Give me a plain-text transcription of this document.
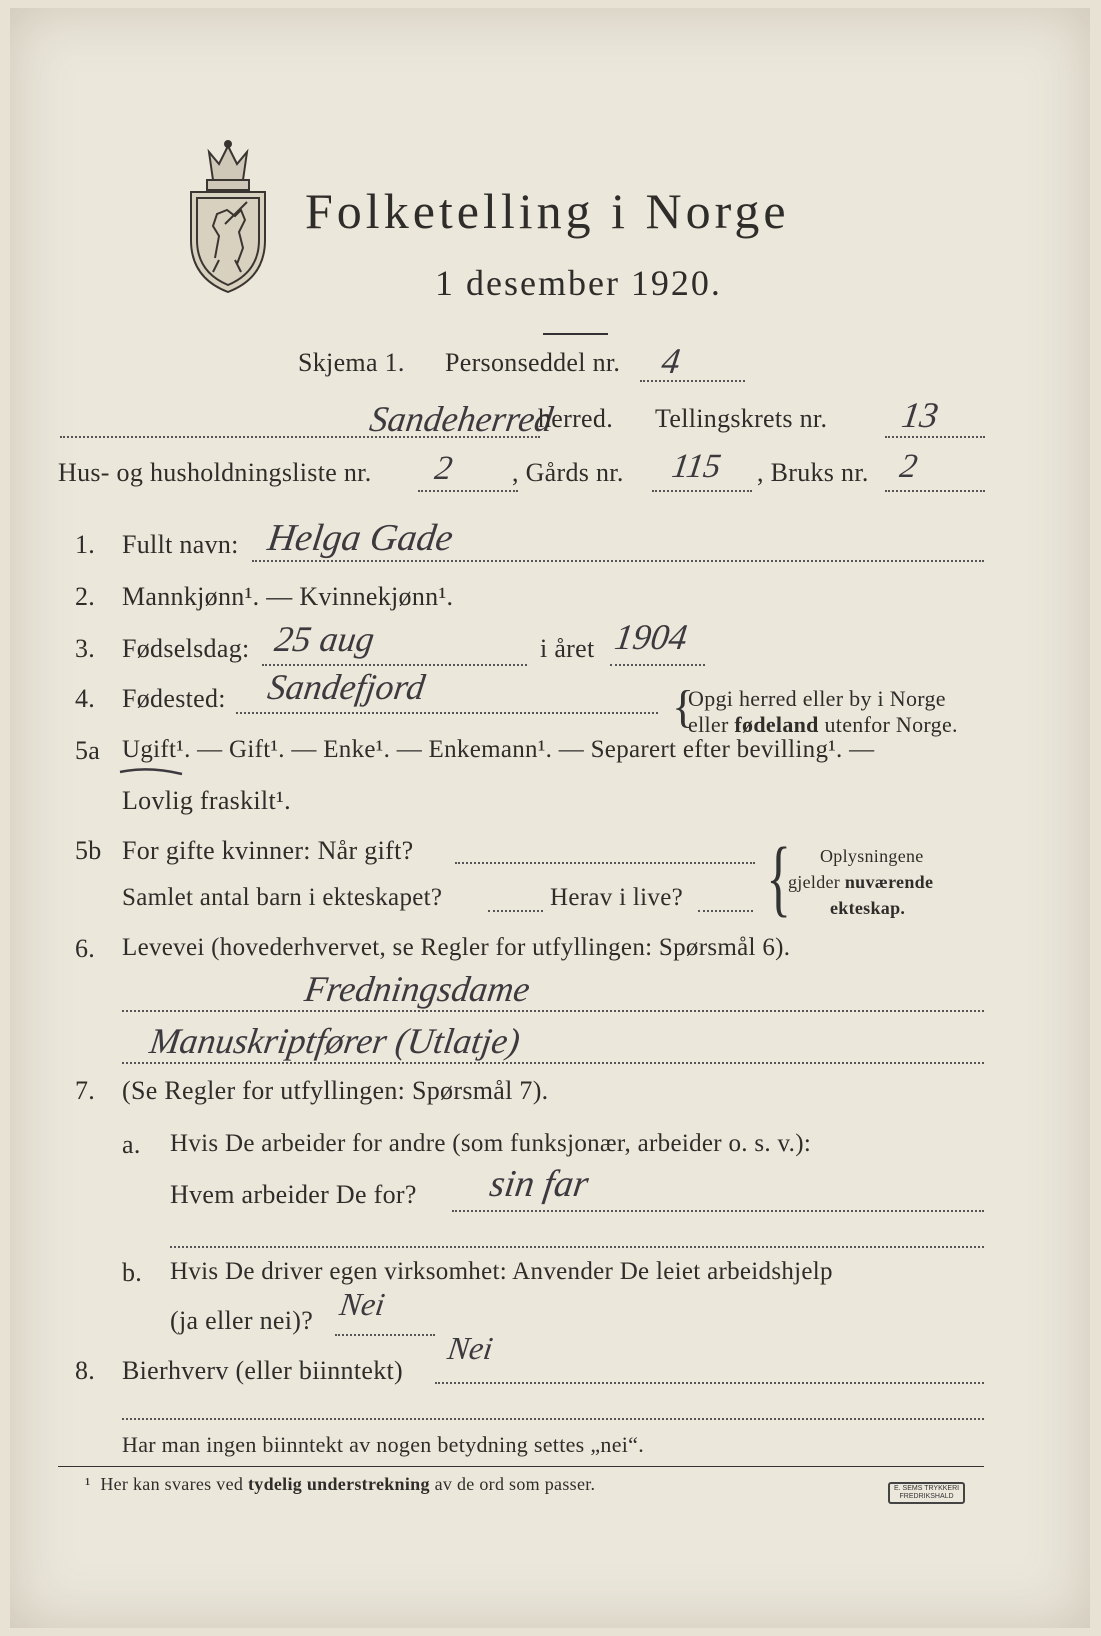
Folketelling i Norge
1 desember 1920.
Skjema 1. Personseddel nr. 4
Sandeherred
herred. Tellingskrets nr. 13
Hus- og husholdningsliste nr. 2 , Gårds nr. 115 , Bruks nr. 2
1. Fullt navn: Helga Gade
2. Mannkjønn¹. — Kvinnekjønn¹.
3. Fødselsdag: 25 aug	i året 1904
4. Fødested: Sandefjord	{
Opgi herred eller by i Norge
eller fødeland utenfor Norge.
5a Ugift¹. — Gift¹. — Enke¹. — Enkemann¹. — Separert efter bevilling¹. —
Lovlig fraskilt¹.
5b For gifte kvinner: Når gift?
Samlet antal barn i ekteskapet?	Herav i live? { Oplysningene
gjelder nuværende
ekteskap.
6. Levevei (hovederhvervet, se Regler for utfyllingen: Spørsmål 6).
Fredningsdame
Manuskriptfører (Utlatje)
7. (Se Regler for utfyllingen: Spørsmål 7).
a. Hvis De arbeider for andre (som funksjonær, arbeider o. s. v.):
Hvem arbeider De for? sin far
b. Hvis De driver egen virksomhet: Anvender De leiet arbeidshjelp
(ja eller nei)? Nei
8. Bierhverv (eller biinntekt)
Nei
Har man ingen biinntekt av nogen betydning settes „nei“.
¹ Her kan svares ved tydelig understrekning av de ord som passer.	E. SEMS TRYKKERI
FREDRIKSHALD
